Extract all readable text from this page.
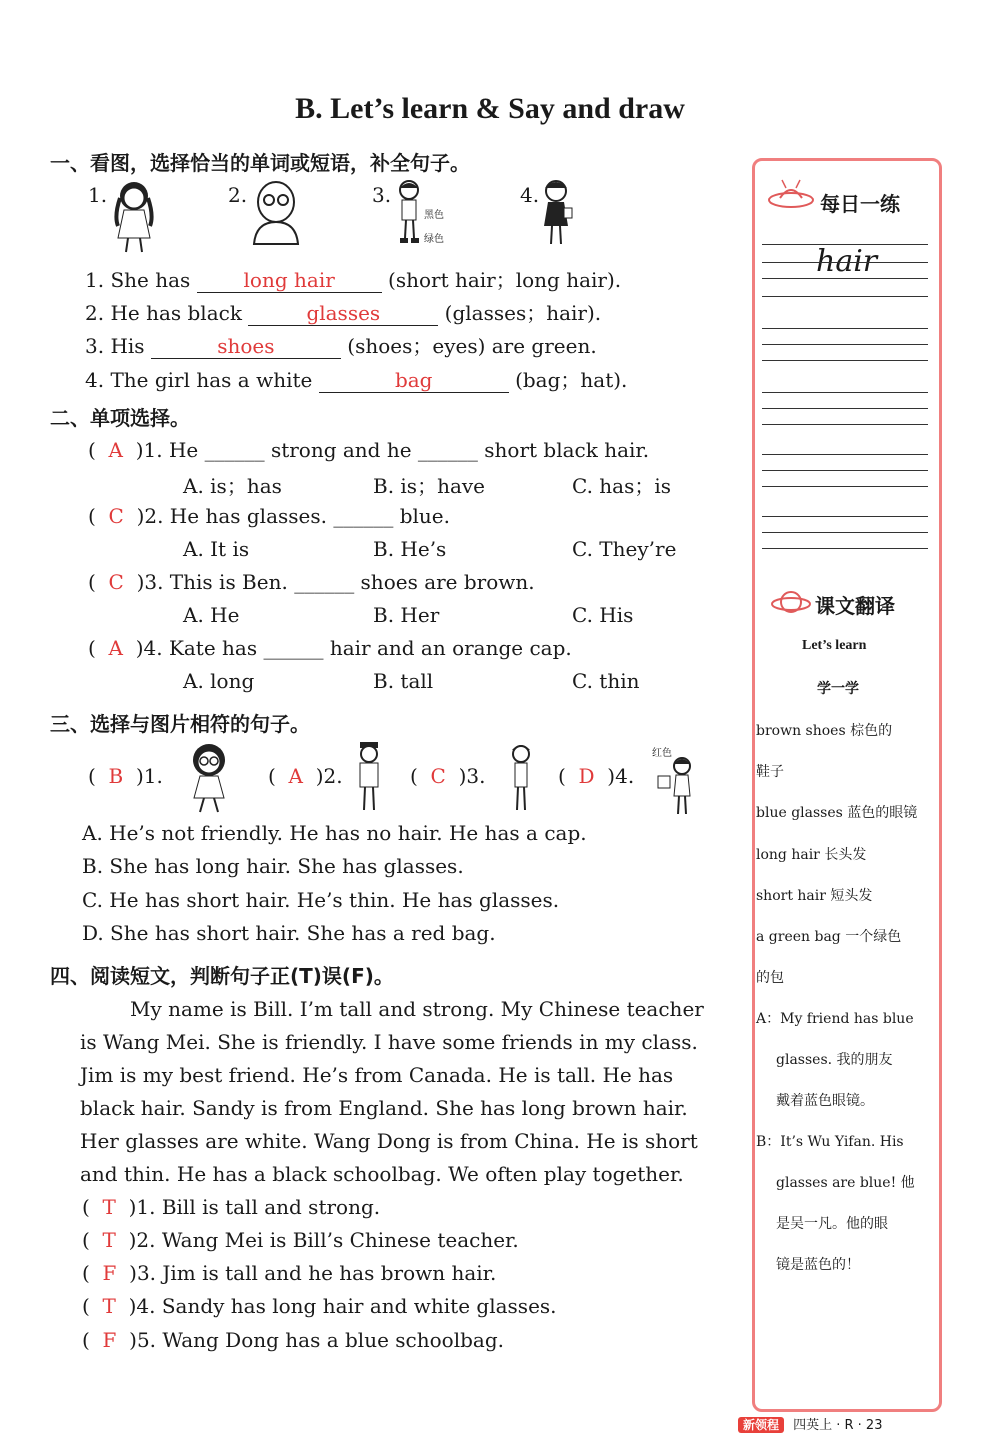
B. Let’s learn & Say and draw
一、看图，选择恰当的单词或短语，补全句子。
1.	2.	3.
黑色
绿色
4.
1. She has	long hair	(short hair；long hair).
2. He has black	glasses	(glasses；hair).
3. His	shoes	(shoes；eyes) are green.
4. The girl has a white	bag	(bag；hat).
二、单项选择。
(  A )1. He ______ strong and he ______ short black hair.
A. is；has	B. is；have	C. has；is
(  C )2. He has glasses. ______ blue.
A. It is	B. He’s	C. They’re
(  C )3. This is Ben. ______ shoes are brown.
A. He	B. Her	C. His
(  A )4. Kate has ______ hair and an orange cap.
A. long	B. tall	C. thin
三、选择与图片相符的句子。
(  B )1.	(  A )2.	(  C )3.	(  D )4.
红色
A. He’s not friendly. He has no hair. He has a cap.
B. She has long hair. She has glasses.
C. He has short hair. He’s thin. He has glasses.
D. She has short hair. She has a red bag.
四、阅读短文，判断句子正(T)误(F)。
My name is Bill. I’m tall and strong. My Chinese teacher
is Wang Mei. She is friendly. I have some friends in my class.
Jim is my best friend. He’s from Canada. He is tall. He has
black hair. Sandy is from England. She has long brown hair.
Her glasses are white. Wang Dong is from China. He is short
and thin. He has a black schoolbag. We often play together.
(  T )1. Bill is tall and strong.
(  T )2. Wang Mei is Bill’s Chinese teacher.
(  F )3. Jim is tall and he has brown hair.
(  T )4. Sandy has long hair and white glasses.
(  F )5. Wang Dong has a blue schoolbag.
每日一练
hair
课文翻译
Let’s learn
学一学
brown shoes 棕色的
鞋子
blue glasses 蓝色的眼镜
long hair 长头发
short hair 短头发
a green bag 一个绿色
的包
A：My friend has blue
glasses. 我的朋友
戴着蓝色眼镜。
B：It’s Wu Yifan. His
glasses are blue! 他
是吴一凡。他的眼
镜是蓝色的！
新领程 四英上 · R · 23
